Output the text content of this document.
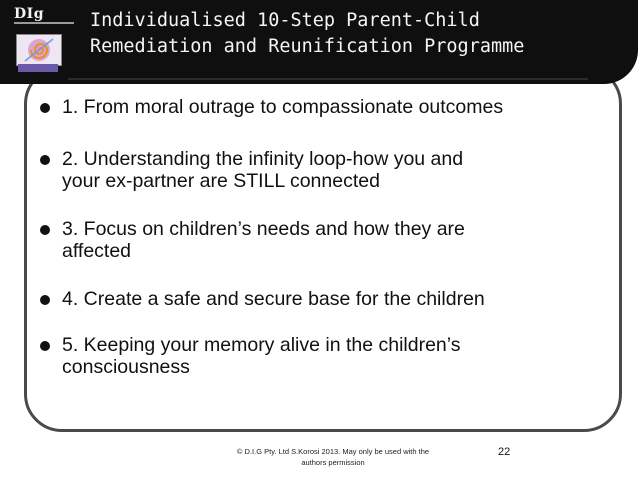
DIg Individualised 10-Step Parent-Child
Remediation and Reunification Programme
1. From moral outrage to compassionate outcomes
2. Understanding the infinity loop-how you and
your ex-partner are STILL connected
3. Focus on children’s needs and how they are
affected
4. Create a safe and secure base for the children
5. Keeping your memory alive in the children’s
consciousness
© D.I.G Pty. Ltd S.Korosi 2013. May only be used with the
authors permission
22
